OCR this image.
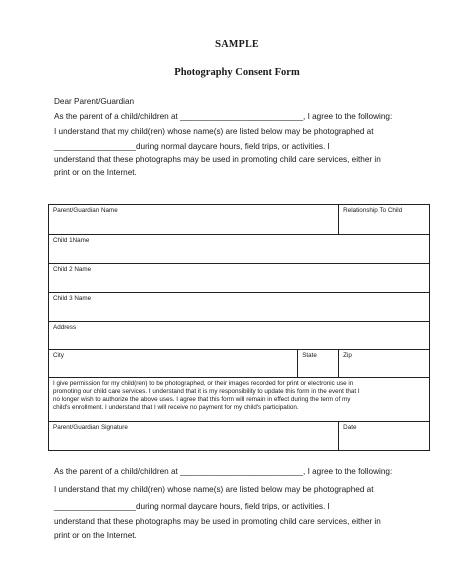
SAMPLE
Photography Consent Form
Dear Parent/Guardian
As the parent of a child/children at ___________________________, I agree to the following:
I understand that my child(ren) whose name(s) are listed below may be photographed at
__________________during normal daycare hours, field trips, or activities. I
understand that these photographs may be used in promoting child care services, either in
print or on the Internet.
Parent/Guardian Name		Relationship To Child
Child 1Name		
Child 2 Name		
Child 3 Name		
Address		
City	State	Zip

I give permission for my child(ren) to be photographed, or their images recorded for print or electronic use in
promoting our child care services. I understand that it is my responsibility to update this form in the event that I
no longer wish to authorize the above uses. I agree that this form will remain in effect during the term of my
child's enrollment. I understand that I will receive no payment for my child's participation.		

Parent/Guardian Signature		Date
As the parent of a child/children at ___________________________, I agree to the following:
I understand that my child(ren) whose name(s) are listed below may be photographed at
__________________during normal daycare hours, field trips, or activities. I
understand that these photographs may be used in promoting child care services, either in
print or on the Internet.
